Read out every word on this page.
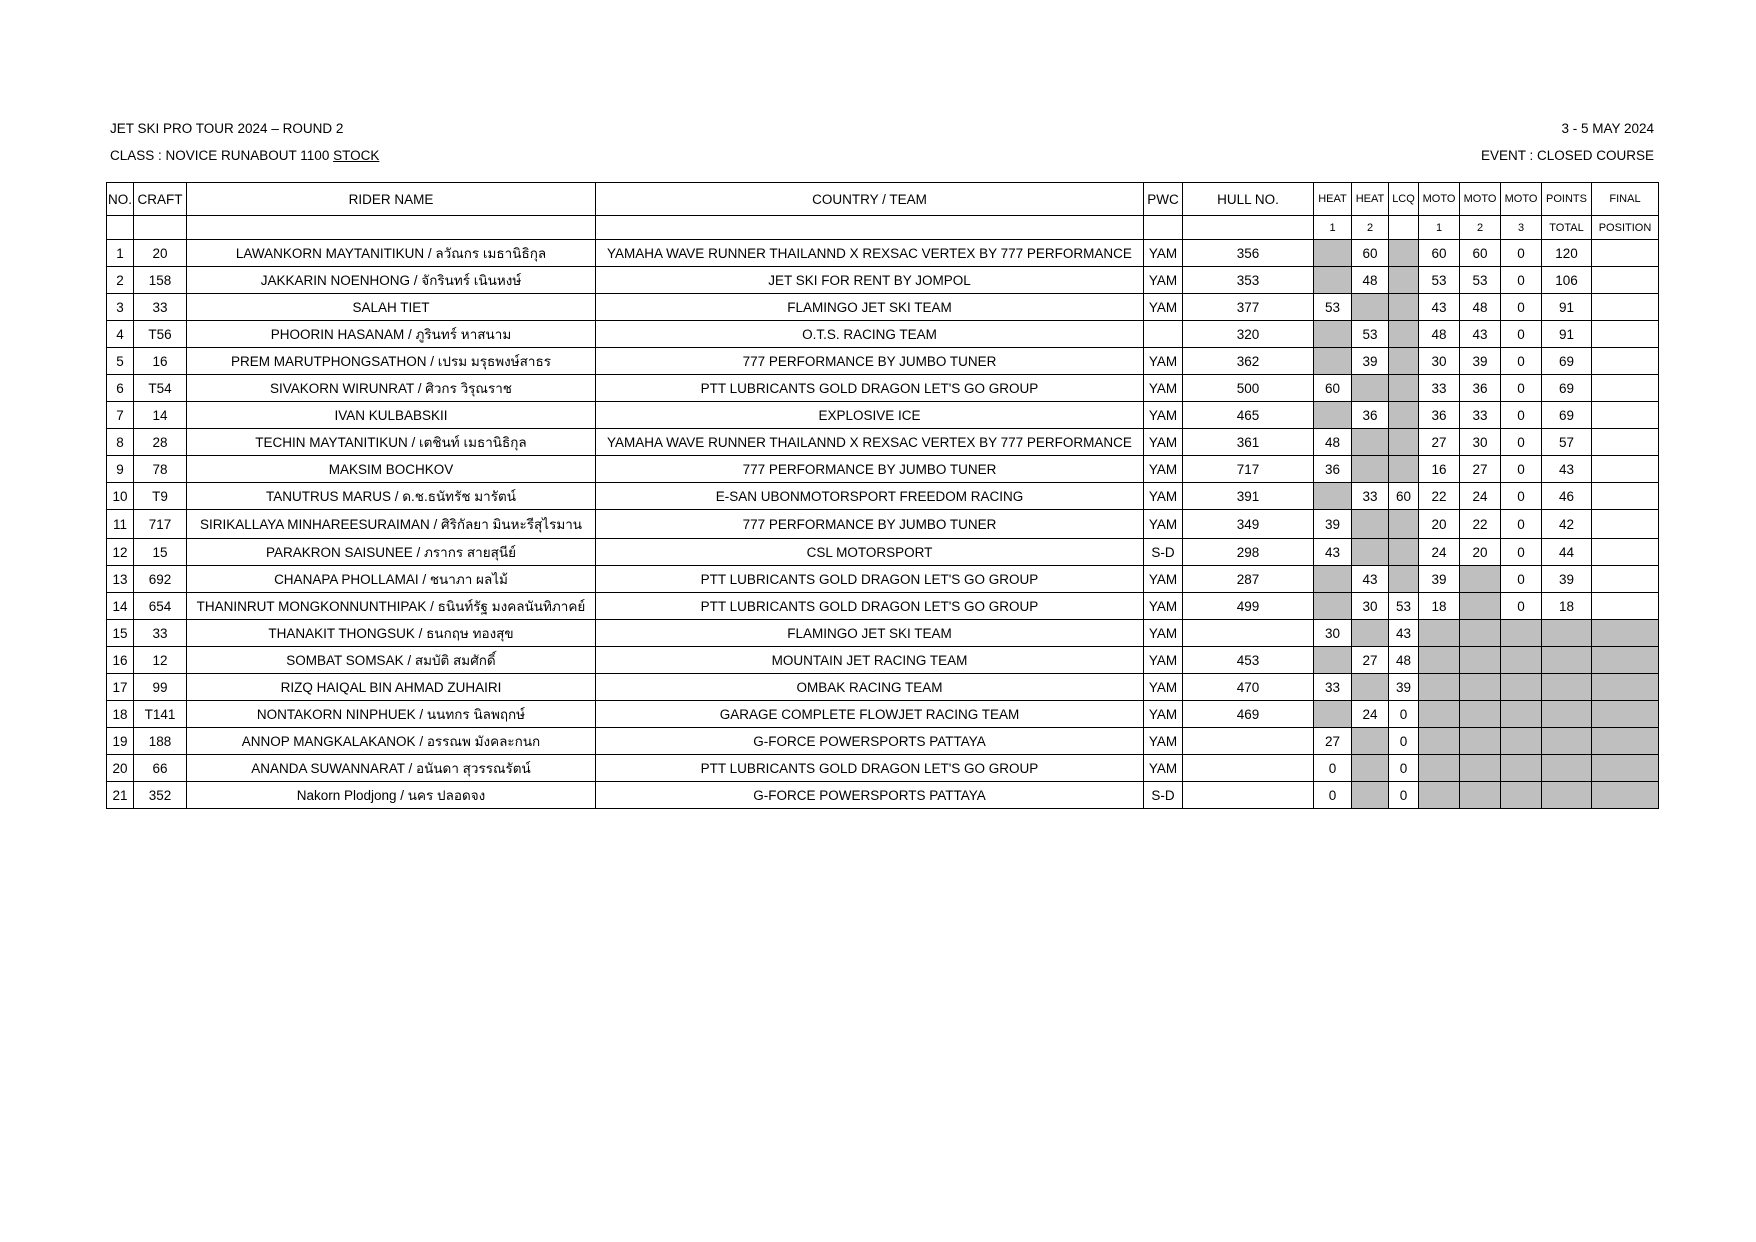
JET SKI PRO TOUR 2024 – ROUND 2	3 - 5 MAY 2024
CLASS : NOVICE RUNABOUT 1100 STOCK	EVENT : CLOSED COURSE
NO.	CRAFT	RIDER NAME	COUNTRY / TEAM	PWC	HULL NO.	HEAT	HEAT	LCQ	MOTO	MOTO	MOTO	POINTS	FINAL
						1	2		1	2	3	TOTAL	POSITION
1	20	LAWANKORN MAYTANITIKUN / ลวัณกร เมธานิธิกุล	YAMAHA WAVE RUNNER THAILANND X REXSAC VERTEX BY 777 PERFORMANCE	YAM	356		60		60	60	0	120	
2	158	JAKKARIN NOENHONG / จักรินทร์ เนินหงษ์	JET SKI FOR RENT BY JOMPOL	YAM	353		48		53	53	0	106	
3	33	SALAH TIET	FLAMINGO JET SKI TEAM	YAM	377	53			43	48	0	91	
4	T56	PHOORIN HASANAM / ภูรินทร์ หาสนาม	O.T.S. RACING TEAM		320		53		48	43	0	91	
5	16	PREM MARUTPHONGSATHON / เปรม มรุธพงษ์สาธร	777 PERFORMANCE BY JUMBO TUNER	YAM	362		39		30	39	0	69	
6	T54	SIVAKORN WIRUNRAT / ศิวกร วิรุณราช	PTT LUBRICANTS GOLD DRAGON LET'S GO GROUP	YAM	500	60			33	36	0	69	
7	14	IVAN KULBABSKII	EXPLOSIVE ICE	YAM	465		36		36	33	0	69	
8	28	TECHIN MAYTANITIKUN / เตชินท์ เมธานิธิกุล	YAMAHA WAVE RUNNER THAILANND X REXSAC VERTEX BY 777 PERFORMANCE	YAM	361	48			27	30	0	57	
9	78	MAKSIM BOCHKOV	777 PERFORMANCE BY JUMBO TUNER	YAM	717	36			16	27	0	43	
10	T9	TANUTRUS MARUS / ด.ช.ธนัทรัช มารัตน์	E-SAN UBONMOTORSPORT FREEDOM RACING	YAM	391		33	60	22	24	0	46	
11	717	SIRIKALLAYA MINHAREESURAIMAN / ศิริกัลยา มินหะรีสุไรมาน	777 PERFORMANCE BY JUMBO TUNER	YAM	349	39			20	22	0	42	
12	15	PARAKRON SAISUNEE / ภรากร สายสุนีย์	CSL MOTORSPORT	S-D	298	43			24	20	0	44	
13	692	CHANAPA PHOLLAMAI / ชนาภา ผลไม้	PTT LUBRICANTS GOLD DRAGON LET'S GO GROUP	YAM	287		43		39		0	39	
14	654	THANINRUT MONGKONNUNTHIPAK / ธนินท์รัฐ มงคลนันทิภาคย์	PTT LUBRICANTS GOLD DRAGON LET'S GO GROUP	YAM	499		30	53	18		0	18	
15	33	THANAKIT THONGSUK / ธนกฤษ ทองสุข	FLAMINGO JET SKI TEAM	YAM		30		43					
16	12	SOMBAT SOMSAK / สมบัติ สมศักดิ์	MOUNTAIN JET RACING TEAM	YAM	453		27	48					
17	99	RIZQ HAIQAL BIN AHMAD ZUHAIRI	OMBAK RACING TEAM	YAM	470	33		39					
18	T141	NONTAKORN NINPHUEK / นนทกร นิลพฤกษ์	GARAGE COMPLETE FLOWJET RACING TEAM	YAM	469		24	0					
19	188	ANNOP MANGKALAKANOK / อรรณพ มังคละกนก	G-FORCE POWERSPORTS PATTAYA	YAM		27		0					
20	66	ANANDA SUWANNARAT / อนันดา สุวรรณรัตน์	PTT LUBRICANTS GOLD DRAGON LET'S GO GROUP	YAM		0		0					
21	352	Nakorn Plodjong / นคร ปลอดจง	G-FORCE POWERSPORTS PATTAYA	S-D		0		0					
